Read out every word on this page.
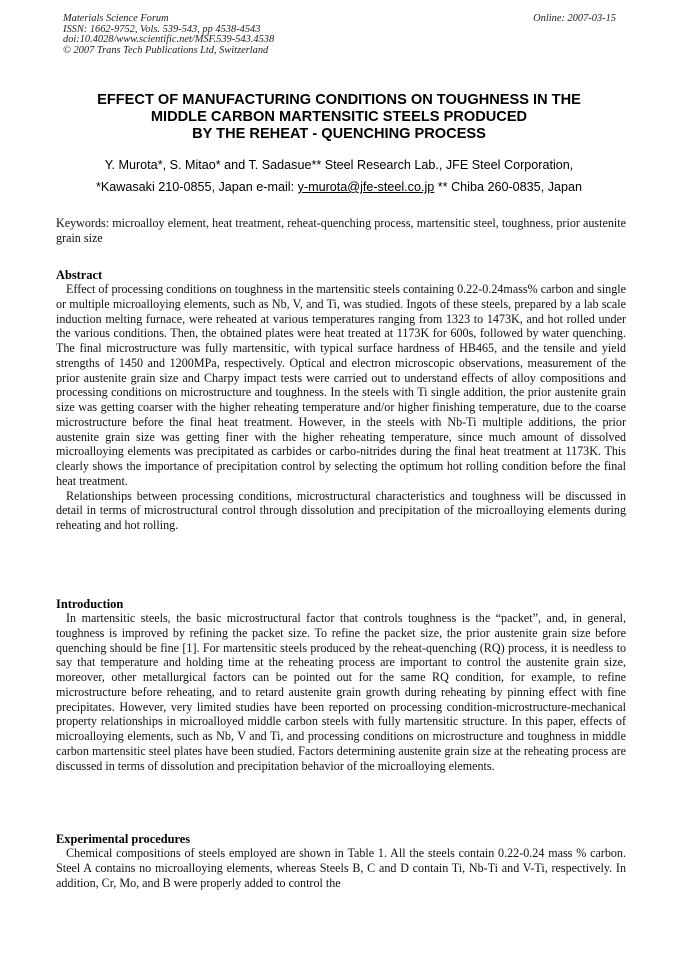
Materials Science Forum
ISSN: 1662-9752, Vols. 539-543, pp 4538-4543
doi:10.4028/www.scientific.net/MSF.539-543.4538
© 2007 Trans Tech Publications Ltd, Switzerland
Online: 2007-03-15
EFFECT OF MANUFACTURING CONDITIONS ON TOUGHNESS IN THE
MIDDLE CARBON MARTENSITIC STEELS PRODUCED
BY THE REHEAT - QUENCHING PROCESS
Y. Murota*, S. Mitao* and T. Sadasue** Steel Research Lab., JFE Steel Corporation,
*Kawasaki 210-0855, Japan e-mail: y-murota@jfe-steel.co.jp ** Chiba 260-0835, Japan

Keywords: microalloy element, heat treatment, reheat-quenching process, martensitic steel, toughness, prior austenite grain size

Abstract

Effect of processing conditions on toughness in the martensitic steels containing 0.22-0.24mass% carbon and single or multiple microalloying elements, such as Nb, V, and Ti, was studied. Ingots of these steels, prepared by a lab scale induction melting furnace, were reheated at various temperatures ranging from 1323 to 1473K, and hot rolled under the various conditions. Then, the obtained plates were heat treated at 1173K for 600s, followed by water quenching. The final microstructure was fully martensitic, with typical surface hardness of HB465, and the tensile and yield strengths of 1450 and 1200MPa, respectively. Optical and electron microscopic observations, measurement of the prior austenite grain size and Charpy impact tests were carried out to understand effects of alloy compositions and processing conditions on microstructure and toughness. In the steels with Ti single addition, the prior austenite grain size was getting coarser with the higher reheating temperature and/or higher finishing temperature, due to the coarse microstructure before the final heat treatment. However, in the steels with Nb-Ti multiple additions, the prior austenite grain size was getting finer with the higher reheating temperature, since much amount of dissolved microalloying elements was precipitated as carbides or carbo-nitrides during the final heat treatment at 1173K. This clearly shows the importance of precipitation control by selecting the optimum hot rolling condition before the final heat treatment.

Relationships between processing conditions, microstructural characteristics and toughness will be discussed in detail in terms of microstructural control through dissolution and precipitation of the microalloying elements during reheating and hot rolling.

Introduction

In martensitic steels, the basic microstructural factor that controls toughness is the “packet”, and, in general, toughness is improved by refining the packet size. To refine the packet size, the prior austenite grain size before quenching should be fine [1]. For martensitic steels produced by the reheat-quenching (RQ) process, it is needless to say that temperature and holding time at the reheating process are important to control the austenite grain size, moreover, other metallurgical factors can be pointed out for the same RQ condition, for example, to refine microstructure before reheating, and to retard austenite grain growth during reheating by pinning effect with fine precipitates. However, very limited studies have been reported on processing condition-microstructure-mechanical property relationships in microalloyed middle carbon steels with fully martensitic structure. In this paper, effects of microalloying elements, such as Nb, V and Ti, and processing conditions on microstructure and toughness in middle carbon martensitic steel plates have been studied. Factors determining austenite grain size at the reheating process are discussed in terms of dissolution and precipitation behavior of the microalloying elements.

Experimental procedures

Chemical compositions of steels employed are shown in Table 1. All the steels contain 0.22-0.24 mass % carbon. Steel A contains no microalloying elements, whereas Steels B, C and D contain Ti, Nb-Ti and V-Ti, respectively. In addition, Cr, Mo, and B were properly added to control the
